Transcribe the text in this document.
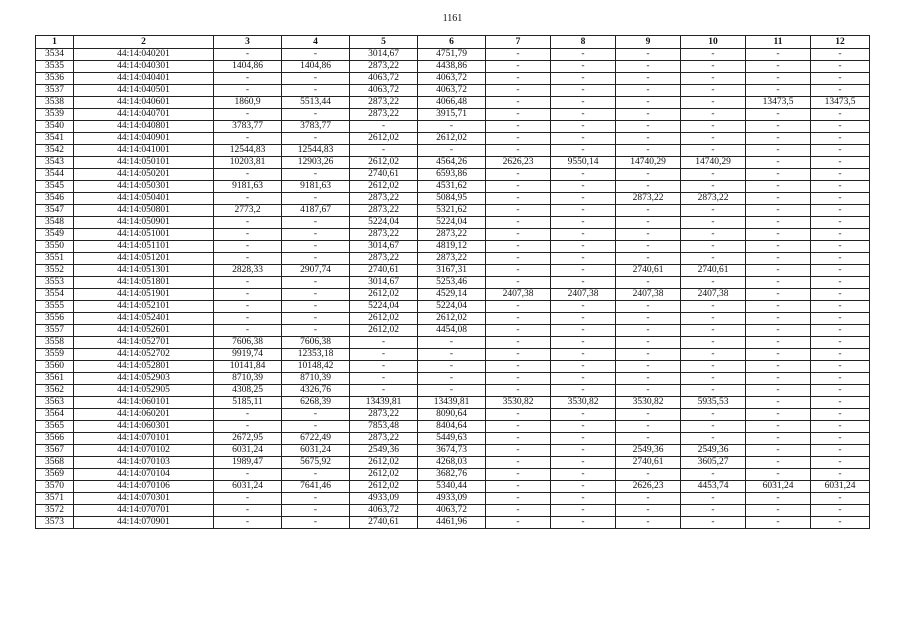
1161
1	2	3	4	5	6	7	8	9	10	11	12
3534	44:14:040201	-	-	3014,67	4751,79	-	-	-	-	-	-
3535	44:14:040301	1404,86	1404,86	2873,22	4438,86	-	-	-	-	-	-
3536	44:14:040401	-	-	4063,72	4063,72	-	-	-	-	-	-
3537	44:14:040501	-	-	4063,72	4063,72	-	-	-	-	-	-
3538	44:14:040601	1860,9	5513,44	2873,22	4066,48	-	-	-	-	13473,5	13473,5
3539	44:14:040701	-	-	2873,22	3915,71	-	-	-	-	-	-
3540	44:14:040801	3783,77	3783,77	-	-	-	-	-	-	-	-
3541	44:14:040901	-	-	2612,02	2612,02	-	-	-	-	-	-
3542	44:14:041001	12544,83	12544,83	-	-	-	-	-	-	-	-
3543	44:14:050101	10203,81	12903,26	2612,02	4564,26	2626,23	9550,14	14740,29	14740,29	-	-
3544	44:14:050201	-	-	2740,61	6593,86	-	-	-	-	-	-
3545	44:14:050301	9181,63	9181,63	2612,02	4531,62	-	-	-	-	-	-
3546	44:14:050401	-	-	2873,22	5084,95	-	-	2873,22	2873,22	-	-
3547	44:14:050801	2773,2	4187,67	2873,22	5321,62	-	-	-	-	-	-
3548	44:14:050901	-	-	5224,04	5224,04	-	-	-	-	-	-
3549	44:14:051001	-	-	2873,22	2873,22	-	-	-	-	-	-
3550	44:14:051101	-	-	3014,67	4819,12	-	-	-	-	-	-
3551	44:14:051201	-	-	2873,22	2873,22	-	-	-	-	-	-
3552	44:14:051301	2828,33	2907,74	2740,61	3167,31	-	-	2740,61	2740,61	-	-
3553	44:14:051801	-	-	3014,67	5253,46	-	-	-	-	-	-
3554	44:14:051901	-	-	2612,02	4529,14	2407,38	2407,38	2407,38	2407,38	-	-
3555	44:14:052101	-	-	5224,04	5224,04	-	-	-	-	-	-
3556	44:14:052401	-	-	2612,02	2612,02	-	-	-	-	-	-
3557	44:14:052601	-	-	2612,02	4454,08	-	-	-	-	-	-
3558	44:14:052701	7606,38	7606,38	-	-	-	-	-	-	-	-
3559	44:14:052702	9919,74	12353,18	-	-	-	-	-	-	-	-
3560	44:14:052801	10141,84	10148,42	-	-	-	-	-	-	-	-
3561	44:14:052903	8710,39	8710,39	-	-	-	-	-	-	-	-
3562	44:14:052905	4308,25	4326,76	-	-	-	-	-	-	-	-
3563	44:14:060101	5185,11	6268,39	13439,81	13439,81	3530,82	3530,82	3530,82	5935,53	-	-
3564	44:14:060201	-	-	2873,22	8090,64	-	-	-	-	-	-
3565	44:14:060301	-	-	7853,48	8404,64	-	-	-	-	-	-
3566	44:14:070101	2672,95	6722,49	2873,22	5449,63	-	-	-	-	-	-
3567	44:14:070102	6031,24	6031,24	2549,36	3674,73	-	-	2549,36	2549,36	-	-
3568	44:14:070103	1989,47	5675,92	2612,02	4268,03	-	-	2740,61	3605,27	-	-
3569	44:14:070104	-	-	2612,02	3682,76	-	-	-	-	-	-
3570	44:14:070106	6031,24	7641,46	2612,02	5340,44	-	-	2626,23	4453,74	6031,24	6031,24
3571	44:14:070301	-	-	4933,09	4933,09	-	-	-	-	-	-
3572	44:14:070701	-	-	4063,72	4063,72	-	-	-	-	-	-
3573	44:14:070901	-	-	2740,61	4461,96	-	-	-	-	-	-
